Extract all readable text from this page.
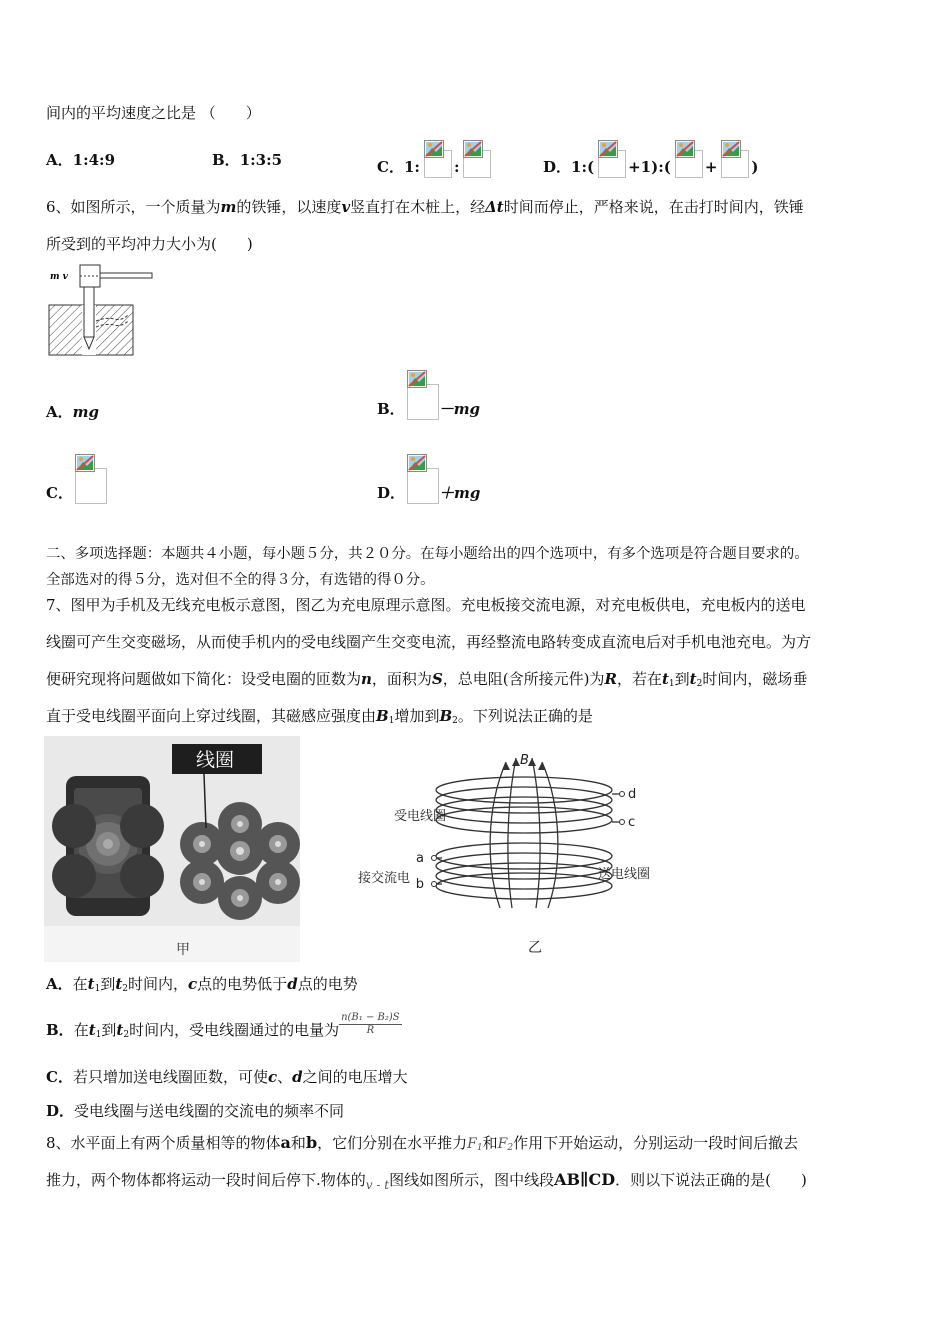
间内的平均速度之比是 （　　）
A．1:4:9	B．1:3:5	C．1: :	D．1:( +1):( + )
6、如图所示，一个质量为m的铁锤，以速度v竖直打在木桩上，经Δt时间而停止，严格来说，在击打时间内，铁锤
所受到的平均冲力大小为(　　)
m v
A．mg	B． －mg
C．	D． ＋mg
二、多项选择题：本题共４小题，每小题５分，共２０分。在每小题给出的四个选项中，有多个选项是符合题目要求的。
全部选对的得５分，选对但不全的得３分，有选错的得０分。
7、图甲为手机及无线充电板示意图，图乙为充电原理示意图。充电板接交流电源，对充电板供电，充电板内的送电
线圈可产生交变磁场，从而使手机内的受电线圈产生交变电流，再经整流电路转变成直流电后对手机电池充电。为方
便研究现将问题做如下简化：设受电圈的匝数为n，面积为S，总电阻(含所接元件)为R，若在$t_1$到$t_2$时间内，磁场垂
直于受电线圈平面向上穿过线圈，其磁感应强度由$B_1$增加到$B_2$。下列说法正确的是
线圈
甲
B
d
c
a
b
受电线圈
接交流电	送电线圈
乙
A．在$t_1$到$t_2$时间内，c点的电势低于d点的电势
B．在$t_1$到$t_2$时间内，受电线圈通过的电量为 $\frac{\text{n(B₁ − B₂)S}}{R}$
C．若只增加送电线圈匝数，可使c、d之间的电压增大
D．受电线圈与送电线圈的交流电的频率不同
8、水平面上有两个质量相等的物体a和b，它们分别在水平推力$F_1$和$F_2$作用下开始运动，分别运动一段时间后撤去
推力，两个物体都将运动一段时间后停下.物体的$_{v - t}$图线如图所示，图中线段AB∥CD．则以下说法正确的是(　　)
